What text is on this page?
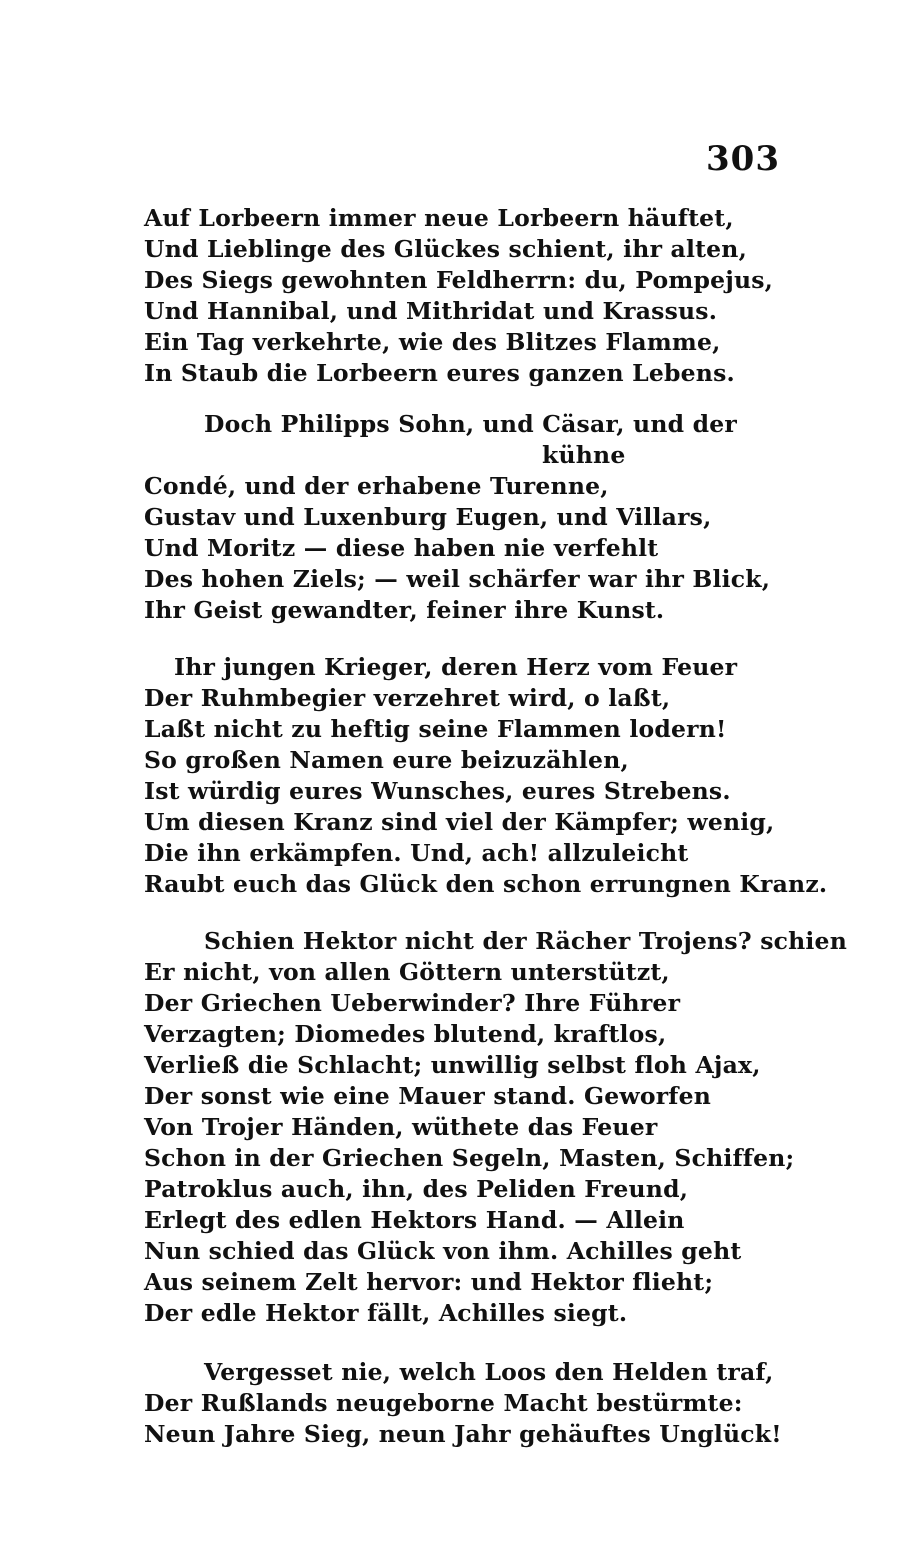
303
Auf Lorbeern immer neue Lorbeern häuftet,
Und Lieblinge des Glückes schient, ihr alten,
Des Siegs gewohnten Feldherrn: du, Pompejus,
Und Hannibal, und Mithridat und Krassus.
Ein Tag verkehrte, wie des Blitzes Flamme,
In Staub die Lorbeern eures ganzen Lebens.
Doch Philipps Sohn, und Cäsar, und der
kühne
Condé, und der erhabene Turenne,
Gustav und Luxenburg Eugen, und Villars,
Und Moritz — diese haben nie verfehlt
Des hohen Ziels; — weil schärfer war ihr Blick,
Ihr Geist gewandter, feiner ihre Kunst.
Ihr jungen Krieger, deren Herz vom Feuer
Der Ruhmbegier verzehret wird, o laßt,
Laßt nicht zu heftig seine Flammen lodern!
So großen Namen eure beizuzählen,
Ist würdig eures Wunsches, eures Strebens.
Um diesen Kranz sind viel der Kämpfer; wenig,
Die ihn erkämpfen. Und, ach! allzuleicht
Raubt euch das Glück den schon errungnen Kranz.
Schien Hektor nicht der Rächer Trojens? schien
Er nicht, von allen Göttern unterstützt,
Der Griechen Ueberwinder? Ihre Führer
Verzagten; Diomedes blutend, kraftlos,
Verließ die Schlacht; unwillig selbst floh Ajax,
Der sonst wie eine Mauer stand. Geworfen
Von Trojer Händen, wüthete das Feuer
Schon in der Griechen Segeln, Masten, Schiffen;
Patroklus auch, ihn, des Peliden Freund,
Erlegt des edlen Hektors Hand. — Allein
Nun schied das Glück von ihm. Achilles geht
Aus seinem Zelt hervor: und Hektor flieht;
Der edle Hektor fällt, Achilles siegt.
Vergesset nie, welch Loos den Helden traf,
Der Rußlands neugeborne Macht bestürmte:
Neun Jahre Sieg, neun Jahr gehäuftes Unglück!
